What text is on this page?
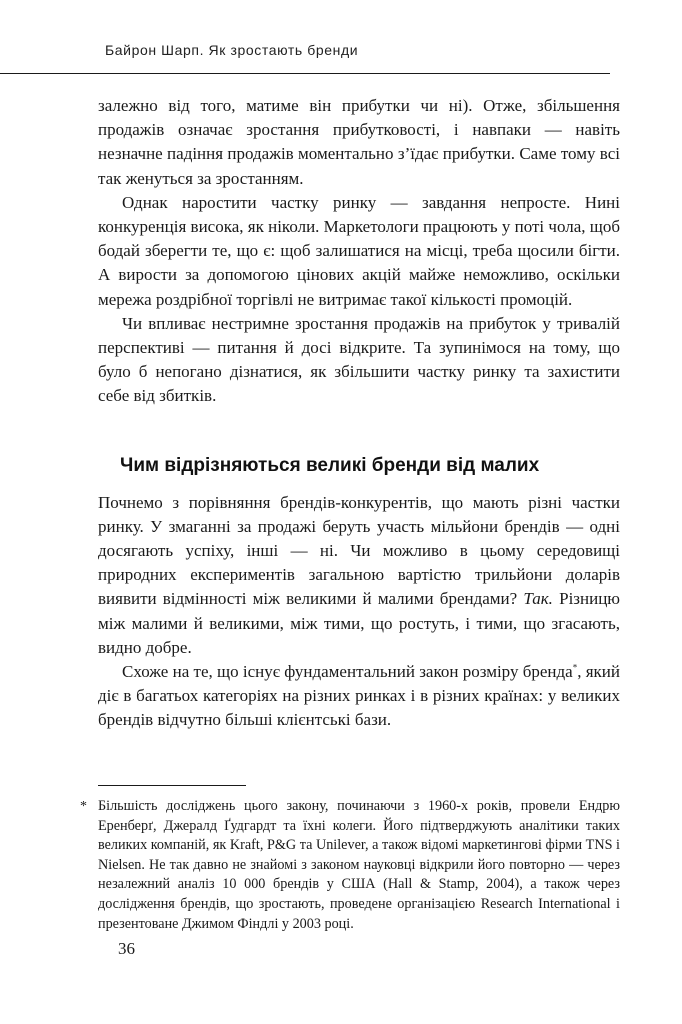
Байрон Шарп. Як зростають бренди

залежно від того, матиме він прибутки чи ні). Отже, збільшення продажів означає зростання прибутковості, і навпаки — навіть незначне падіння продажів моментально з’їдає прибутки. Саме тому всі так женуться за зростанням.

Однак наростити частку ринку — завдання непросте. Нині конкуренція висока, як ніколи. Маркетологи працюють у поті чола, щоб бодай зберегти те, що є: щоб залишатися на місці, треба щосили бігти. А вирости за допомогою цінових акцій майже неможливо, оскільки мережа роздрібної торгівлі не витримає такої кількості промоцій.

Чи впливає нестримне зростання продажів на прибуток у тривалій перспективі — питання й досі відкрите. Та зупинімося на тому, що було б непогано дізнатися, як збільшити частку ринку та захистити себе від збитків.

Чим відрізняються великі бренди від малих

Почнемо з порівняння брендів-конкурентів, що мають різні частки ринку. У змаганні за продажі беруть участь мільйони брендів — одні досягають успіху, інші — ні. Чи можливо в цьому середовищі природних експериментів загальною вартістю трильйони доларів виявити відмінності між великими й малими брендами? Так. Різницю між малими й великими, між тими, що ростуть, і тими, що згасають, видно добре.

Схоже на те, що існує фундаментальний закон розміру бренда*, який діє в багатьох категоріях на різних ринках і в різних країнах: у великих брендів відчутно більші клієнтські бази.

* Більшість досліджень цього закону, починаючи з 1960-х років, провели Ендрю Еренберґ, Джералд Ґудгардт та їхні колеги. Його підтверджують аналітики таких великих компаній, як Kraft, P&G та Unilever, а також відомі маркетингові фірми TNS і Nielsen. Не так давно не знайомі з законом науковці відкрили його повторно — через незалежний аналіз 10 000 брендів у США (Hall & Stamp, 2004), а також через дослідження брендів, що зростають, проведене організацією Research International і презентоване Джимом Фіндлі у 2003 році.

36
